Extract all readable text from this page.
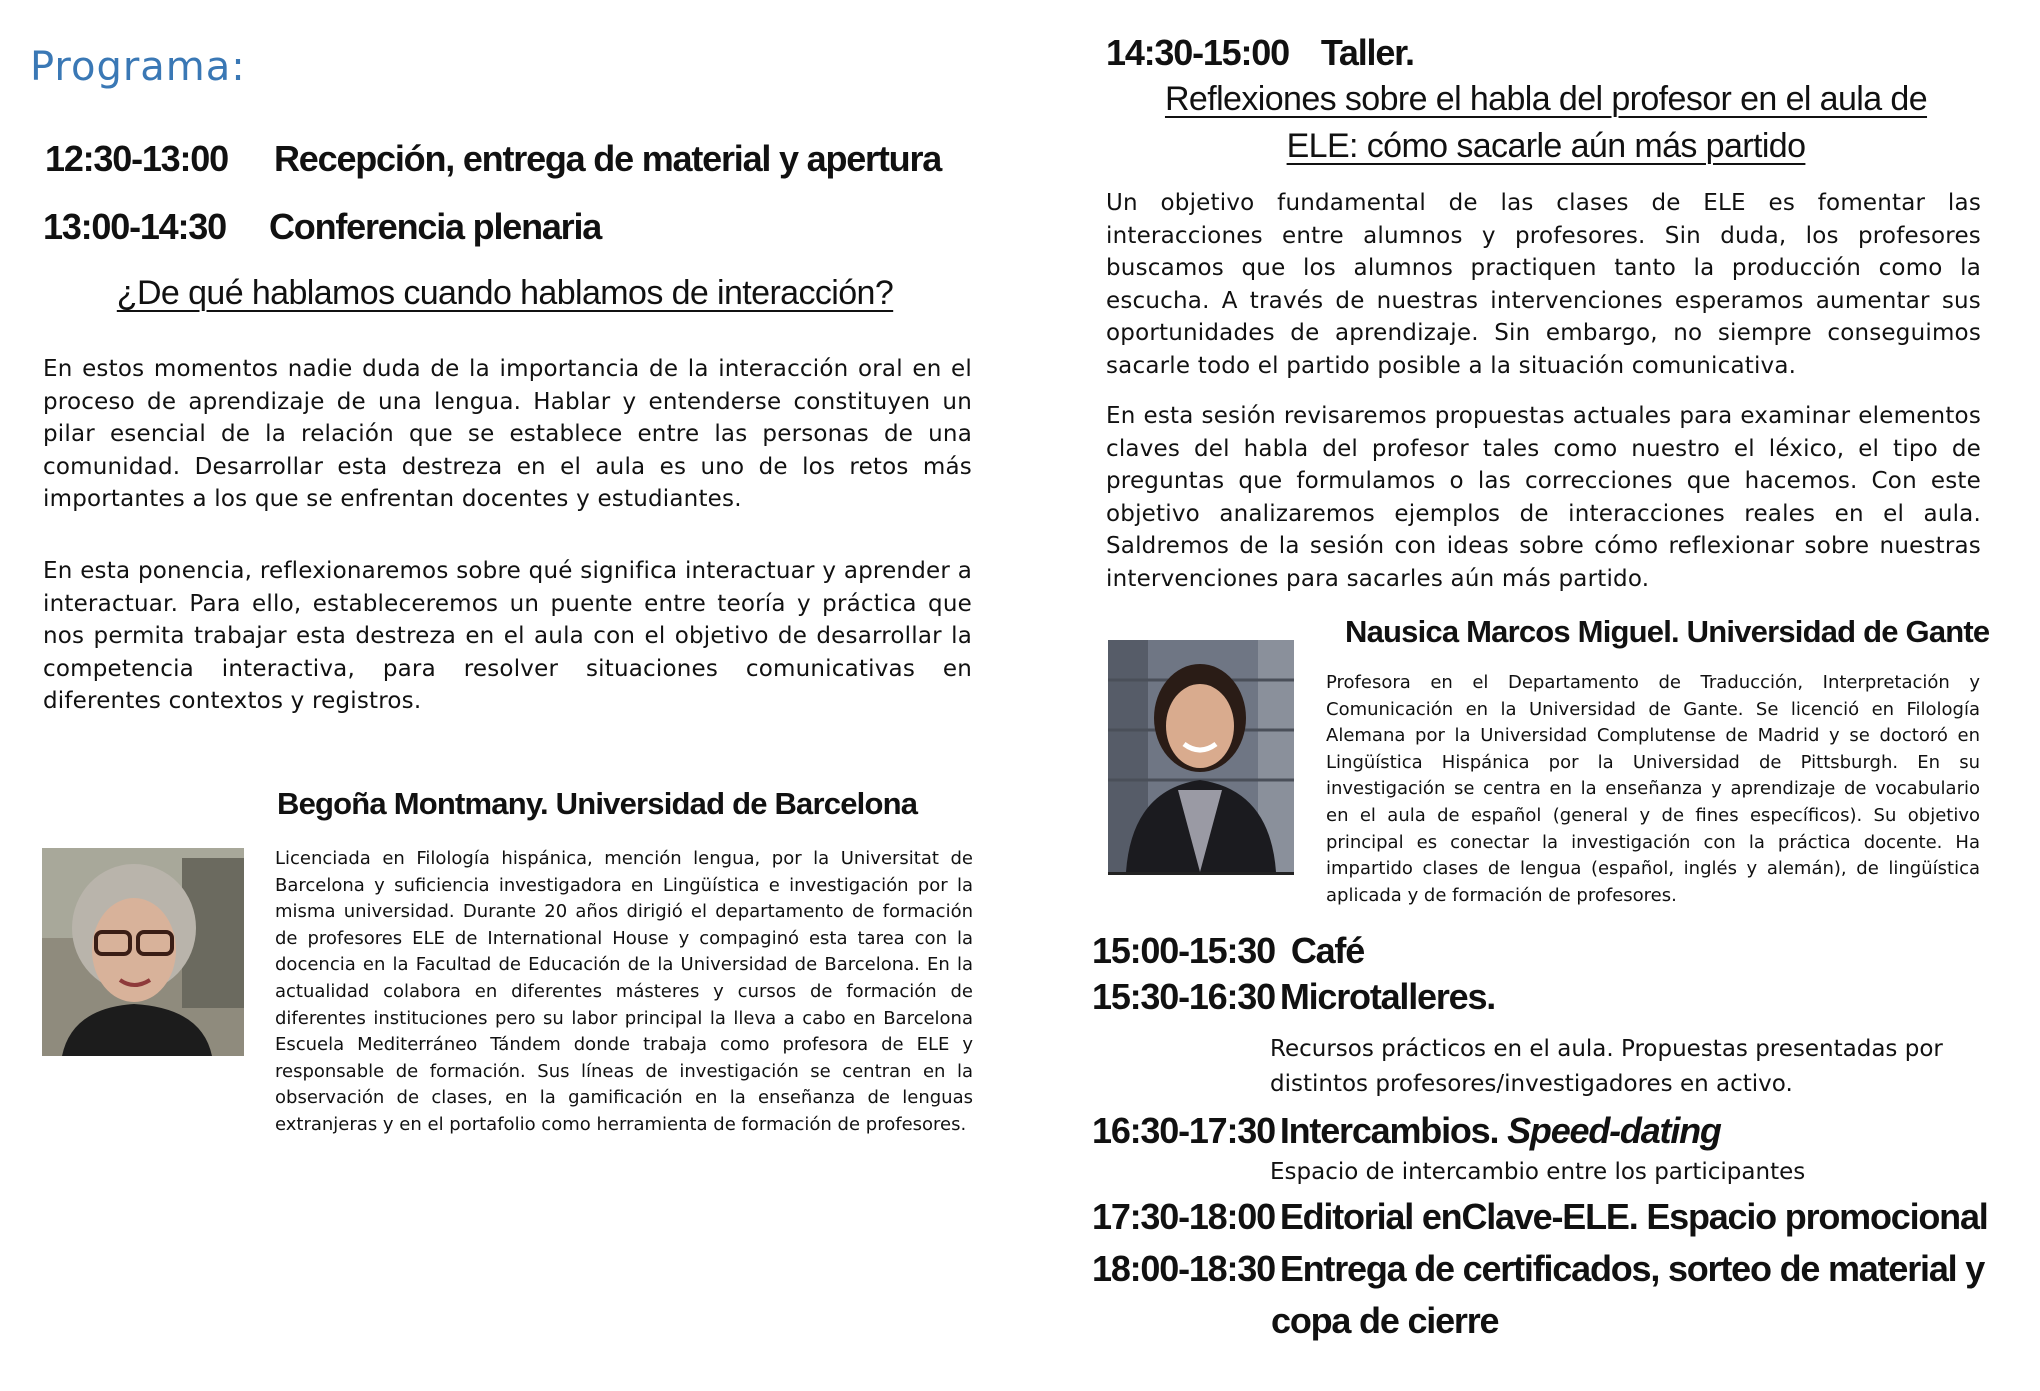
Programa:
12:30-13:00	Recepción, entrega de material y apertura
13:00-14:30	Conferencia plenaria
¿De qué hablamos cuando hablamos de interacción?
En estos momentos nadie duda de la importancia de la interacción oral en el proceso de aprendizaje de una lengua. Hablar y entenderse constituyen un pilar esencial de la relación que se establece entre las personas de una comunidad. Desarrollar esta destreza en el aula es uno de los retos más importantes a los que se enfrentan docentes y estudiantes.
En esta ponencia, reflexionaremos sobre qué significa interactuar y aprender a interactuar. Para ello, estableceremos un puente entre teoría y práctica que nos permita trabajar esta destreza en el aula con el objetivo de desarrollar la competencia interactiva, para resolver situaciones comunicativas en diferentes contextos y registros.
Begoña Montmany. Universidad de Barcelona
Licenciada en Filología hispánica, mención lengua, por la Universitat de Barcelona y suficiencia investigadora en Lingüística e investigación por la misma universidad. Durante 20 años dirigió el departamento de formación de profesores ELE de International House y compaginó esta tarea con la docencia en la Facultad de Educación de la Universidad de Barcelona. En la actualidad colabora en diferentes másteres y cursos de formación de diferentes instituciones pero su labor principal la lleva a cabo en Barcelona Escuela Mediterráneo Tándem donde trabaja como profesora de ELE y responsable de formación. Sus líneas de investigación se centran en la observación de clases, en la gamificación en la enseñanza de lenguas extranjeras y en el portafolio como herramienta de formación de profesores.
14:30-15:00 Taller.
Reflexiones sobre el habla del profesor en el aula de
ELE: cómo sacarle aún más partido
Un objetivo fundamental de las clases de ELE es fomentar las interacciones entre alumnos y profesores. Sin duda, los profesores buscamos que los alumnos practiquen tanto la producción como la escucha. A través de nuestras intervenciones esperamos aumentar sus oportunidades de aprendizaje. Sin embargo, no siempre conseguimos sacarle todo el partido posible a la situación comunicativa.
En esta sesión revisaremos propuestas actuales para examinar elementos claves del habla del profesor tales como nuestro el léxico, el tipo de preguntas que formulamos o las correcciones que hacemos. Con este objetivo analizaremos ejemplos de interacciones reales en el aula. Saldremos de la sesión con ideas sobre cómo reflexionar sobre nuestras intervenciones para sacarles aún más partido.
Nausica Marcos Miguel. Universidad de Gante
Profesora en el Departamento de Traducción, Interpretación y Comunicación en la Universidad de Gante. Se licenció en Filología Alemana por la Universidad Complutense de Madrid y se doctoró en Lingüística Hispánica por la Universidad de Pittsburgh. En su investigación se centra en la enseñanza y aprendizaje de vocabulario en el aula de español (general y de fines específicos). Su objetivo principal es conectar la investigación con la práctica docente. Ha impartido clases de lengua (español, inglés y alemán), de lingüística aplicada y de formación de profesores.
15:00-15:30 Café
15:30-16:30 Microtalleres.
Recursos prácticos en el aula. Propuestas presentadas por
distintos profesores/investigadores en activo.
16:30-17:30 Intercambios. Speed-dating
Espacio de intercambio entre los participantes
17:30-18:00 Editorial enClave-ELE. Espacio promocional
18:00-18:30 Entrega de certificados, sorteo de material y
copa de cierre
